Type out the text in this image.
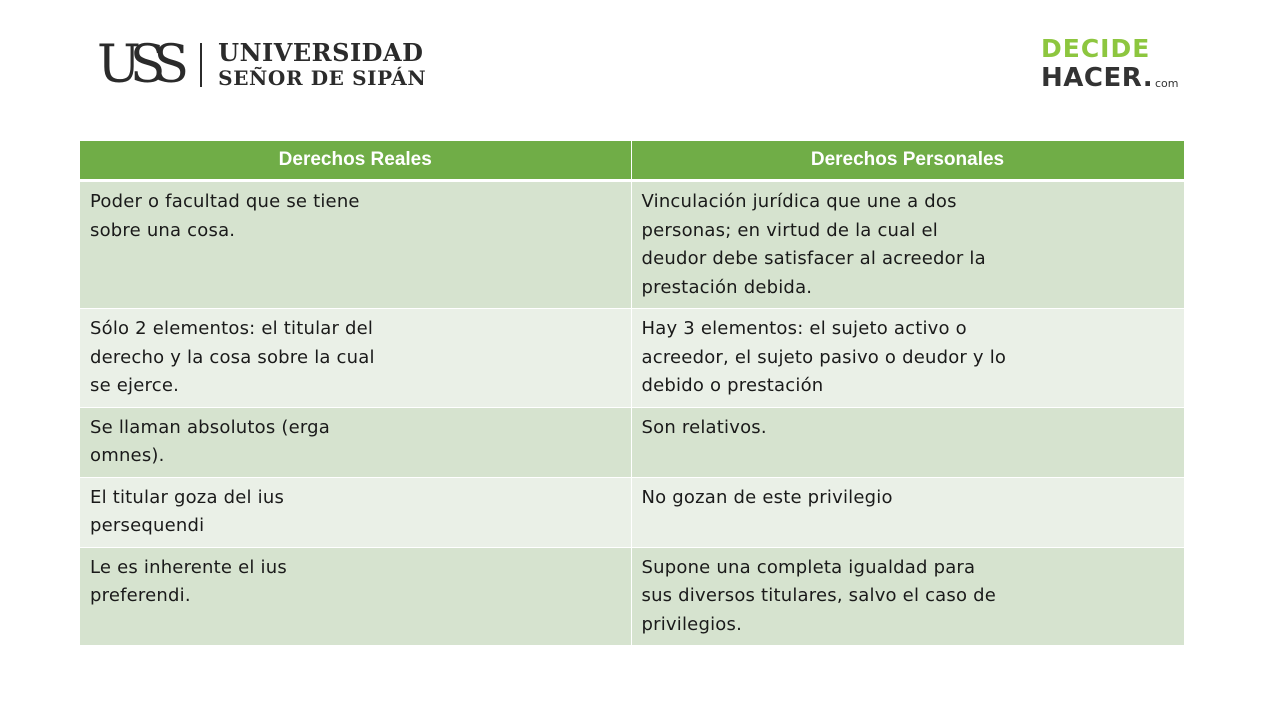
USS UNIVERSIDAD
SEÑOR DE SIPÁN
DECIDE
HACER. com
Derechos Reales	Derechos Personales

Poder o facultad que se tiene sobre una cosa.	Vinculación jurídica que une a dos personas; en virtud de la cual el deudor debe satisfacer al acreedor la prestación debida.

Sólo 2 elementos: el titular del derecho y la cosa sobre la cual se ejerce.	Hay 3 elementos: el sujeto activo o acreedor, el sujeto pasivo o deudor y lo debido o prestación

Se llaman absolutos (erga omnes).	Son relativos.

El titular goza del ius persequendi	No gozan de este privilegio

Le es inherente el ius preferendi.	Supone una completa igualdad para sus diversos titulares, salvo el caso de privilegios.
